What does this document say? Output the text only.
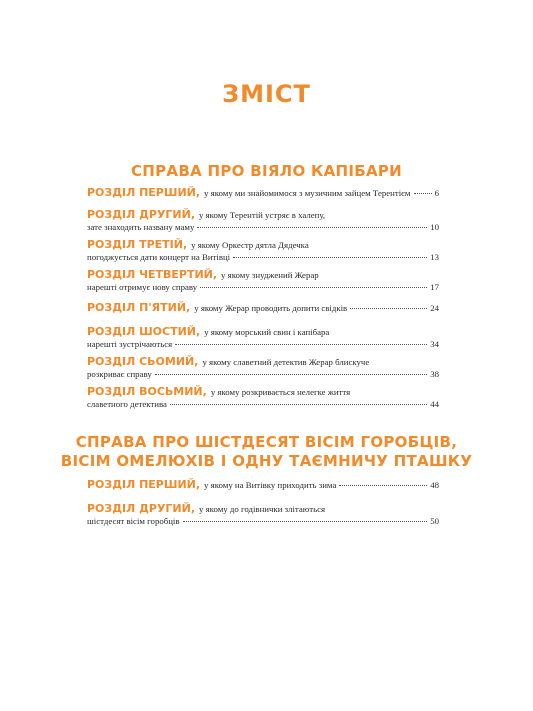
ЗМІСТ
СПРАВА ПРО ВІЯЛО КАПІБАРИ
РОЗДІЛ ПЕРШИЙ, у якому ми знайомимося з музичним зайцем Терентієм	6
РОЗДІЛ ДРУГИЙ, у якому Терентій устряє в халепу,
зате знаходить названу маму	10
РОЗДІЛ ТРЕТІЙ, у якому Оркестр дятла Дядечка
погоджується дати концерт на Витівці	13
РОЗДІЛ ЧЕТВЕРТИЙ, у якому знуджений Жерар
нарешті отримує нову справу	17
РОЗДІЛ П'ЯТИЙ, у якому Жерар проводить допити свідків	24
РОЗДІЛ ШОСТИЙ, у якому морський свин і капібара
нарешті зустрічаються	34
РОЗДІЛ СЬОМИЙ, у якому славетний детектив Жерар блискуче
розкриває справу	38
РОЗДІЛ ВОСЬМИЙ, у якому розкривається нелегке життя
славетного детектива	44
СПРАВА ПРО ШІСТДЕСЯТ ВІСІМ ГОРОБЦІВ,
ВІСІМ ОМЕЛЮХІВ І ОДНУ ТАЄМНИЧУ ПТАШКУ
РОЗДІЛ ПЕРШИЙ, у якому на Витівку приходить зима	48
РОЗДІЛ ДРУГИЙ, у якому до годівнички злітаються
шістдесят вісім горобців	50
